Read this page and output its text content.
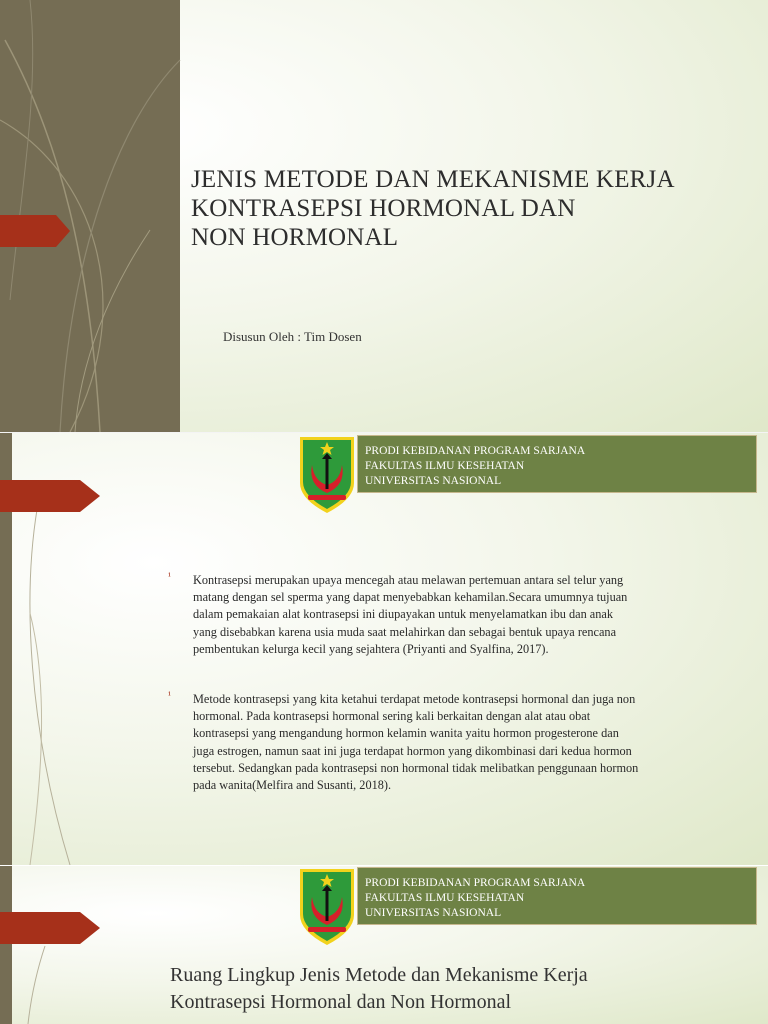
JENIS METODE DAN MEKANISME KERJA
KONTRASEPSI HORMONAL DAN
NON HORMONAL
Disusun Oleh : Tim Dosen
PRODI KEBIDANAN PROGRAM SARJANA
FAKULTAS ILMU KESEHATAN
UNIVERSITAS NASIONAL
¹ Kontrasepsi merupakan upaya mencegah atau melawan pertemuan antara sel telur yang
matang dengan sel sperma yang dapat menyebabkan kehamilan.Secara umumnya tujuan
dalam pemakaian alat kontrasepsi ini diupayakan untuk menyelamatkan ibu dan anak
yang disebabkan karena usia muda saat melahirkan dan sebagai bentuk upaya rencana
pembentukan kelurga kecil yang sejahtera (Priyanti and Syalfina, 2017).
¹ Metode kontrasepsi yang kita ketahui terdapat metode kontrasepsi hormonal dan juga non
hormonal. Pada kontrasepsi hormonal sering kali berkaitan dengan alat atau obat
kontrasepsi yang mengandung hormon kelamin wanita yaitu hormon progesterone dan
juga estrogen, namun saat ini juga terdapat hormon yang dikombinasi dari kedua hormon
tersebut. Sedangkan pada kontrasepsi non hormonal tidak melibatkan penggunaan hormon
pada wanita(Melfira and Susanti, 2018).
PRODI KEBIDANAN PROGRAM SARJANA
FAKULTAS ILMU KESEHATAN
UNIVERSITAS NASIONAL
Ruang Lingkup Jenis Metode dan Mekanisme Kerja
Kontrasepsi Hormonal dan Non Hormonal
